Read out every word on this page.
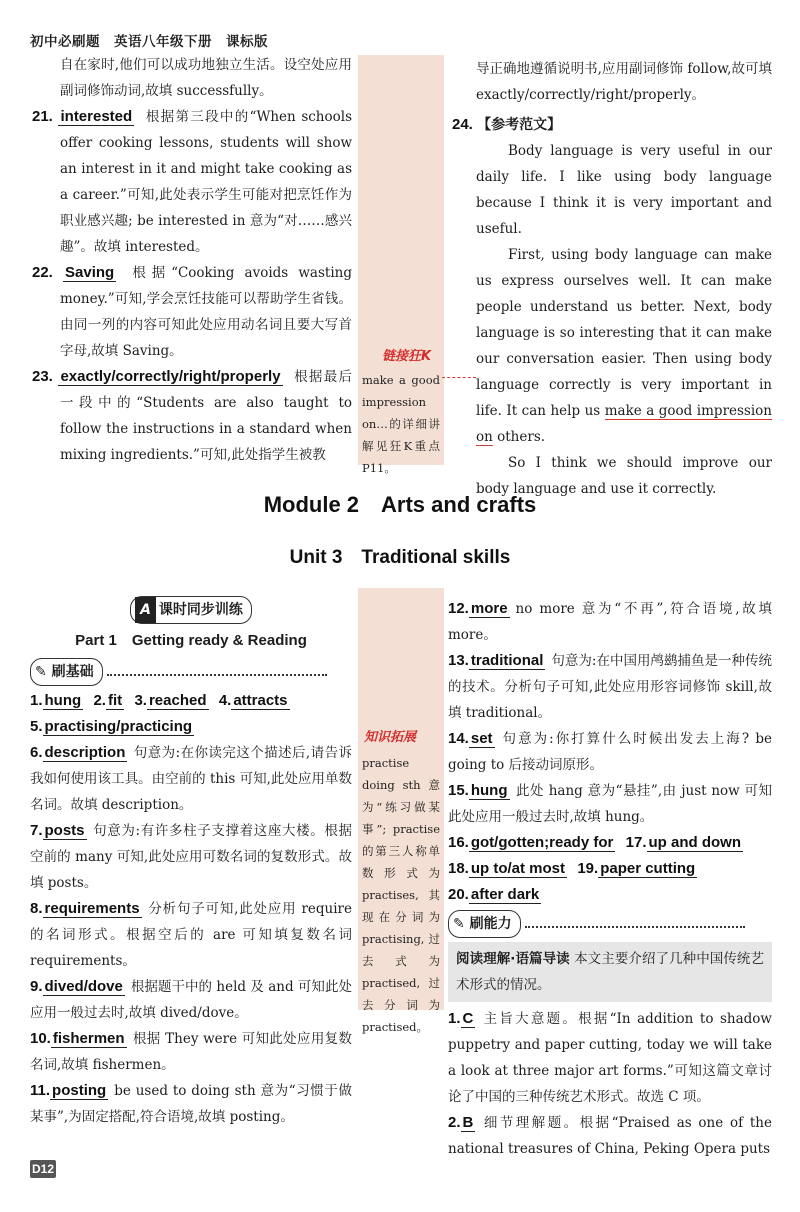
初中必刷题　英语八年级下册　课标版
自在家时,他们可以成功地独立生活。设空处应用副词修饰动词,故填 successfully。
21. interested 根据第三段中的“When schools offer cooking lessons, students will show an interest in it and might take cooking as a career.”可知,此处表示学生可能对把烹饪作为职业感兴趣; be interested in 意为“对……感兴趣”。故填 interested。
22. Saving 根据“Cooking avoids wasting money.”可知,学会烹饪技能可以帮助学生省钱。由同一列的内容可知此处应用动名词且要大写首字母,故填 Saving。
23. exactly/correctly/right/properly 根据最后一段中的“Students are also taught to follow the instructions in a standard when mixing ingredients.”可知,此处指学生被教
链接狂K
make a good impression on…的详细讲解见狂K重点P11。
导正确地遵循说明书,应用副词修饰 follow,故可填 exactly/correctly/right/properly。
24. 【参考范文】
Body language is very useful in our daily life. I like using body language because I think it is very important and useful.
First, using body language can make us express ourselves well. It can make people understand us better. Next, body language is so interesting that it can make our conversation easier. Then using body language correctly is very important in life. It can help us make a good impression on others.
So I think we should improve our body language and use it correctly.
Module 2　Arts and crafts
Unit 3　Traditional skills
A 课时同步训练
Part 1　Getting ready & Reading
✎ 刷基础
1. hung 2. fit 3. reached 4. attracts
5. practising/practicing
6. description 句意为:在你读完这个描述后,请告诉我如何使用该工具。由空前的 this 可知,此处应用单数名词。故填 description。
7. posts 句意为:有许多柱子支撑着这座大楼。根据空前的 many 可知,此处应用可数名词的复数形式。故填 posts。
8. requirements 分析句子可知,此处应用 require 的名词形式。根据空后的 are 可知填复数名词 requirements。
9. dived/dove 根据题干中的 held 及 and 可知此处应用一般过去时,故填 dived/dove。
10. fishermen 根据 They were 可知此处应用复数名词,故填 fishermen。
11. posting be used to doing sth 意为“习惯于做某事”,为固定搭配,符合语境,故填 posting。
知识拓展
practise doing sth 意为“练习做某事”; practise 的第三人称单数形式为 practises,其现在分词为 practising,过去式为 practised,过去分词为 practised。
12. more no more 意为“不再”,符合语境,故填 more。
13. traditional 句意为:在中国用鸬鹚捕鱼是一种传统的技术。分析句子可知,此处应用形容词修饰 skill,故填 traditional。
14. set 句意为:你打算什么时候出发去上海? be going to 后接动词原形。
15. hung 此处 hang 意为“悬挂”,由 just now 可知此处应用一般过去时,故填 hung。
16. got/gotten;ready for 17. up and down
18. up to/at most 19. paper cutting
20. after dark
✎ 刷能力
阅读理解·语篇导读 本文主要介绍了几种中国传统艺术形式的情况。
1. C 主旨大意题。根据“In addition to shadow puppetry and paper cutting, today we will take a look at three major art forms.”可知这篇文章讨论了中国的三种传统艺术形式。故选 C 项。
2. B 细节理解题。根据“Praised as one of the national treasures of China, Peking Opera puts
D12
